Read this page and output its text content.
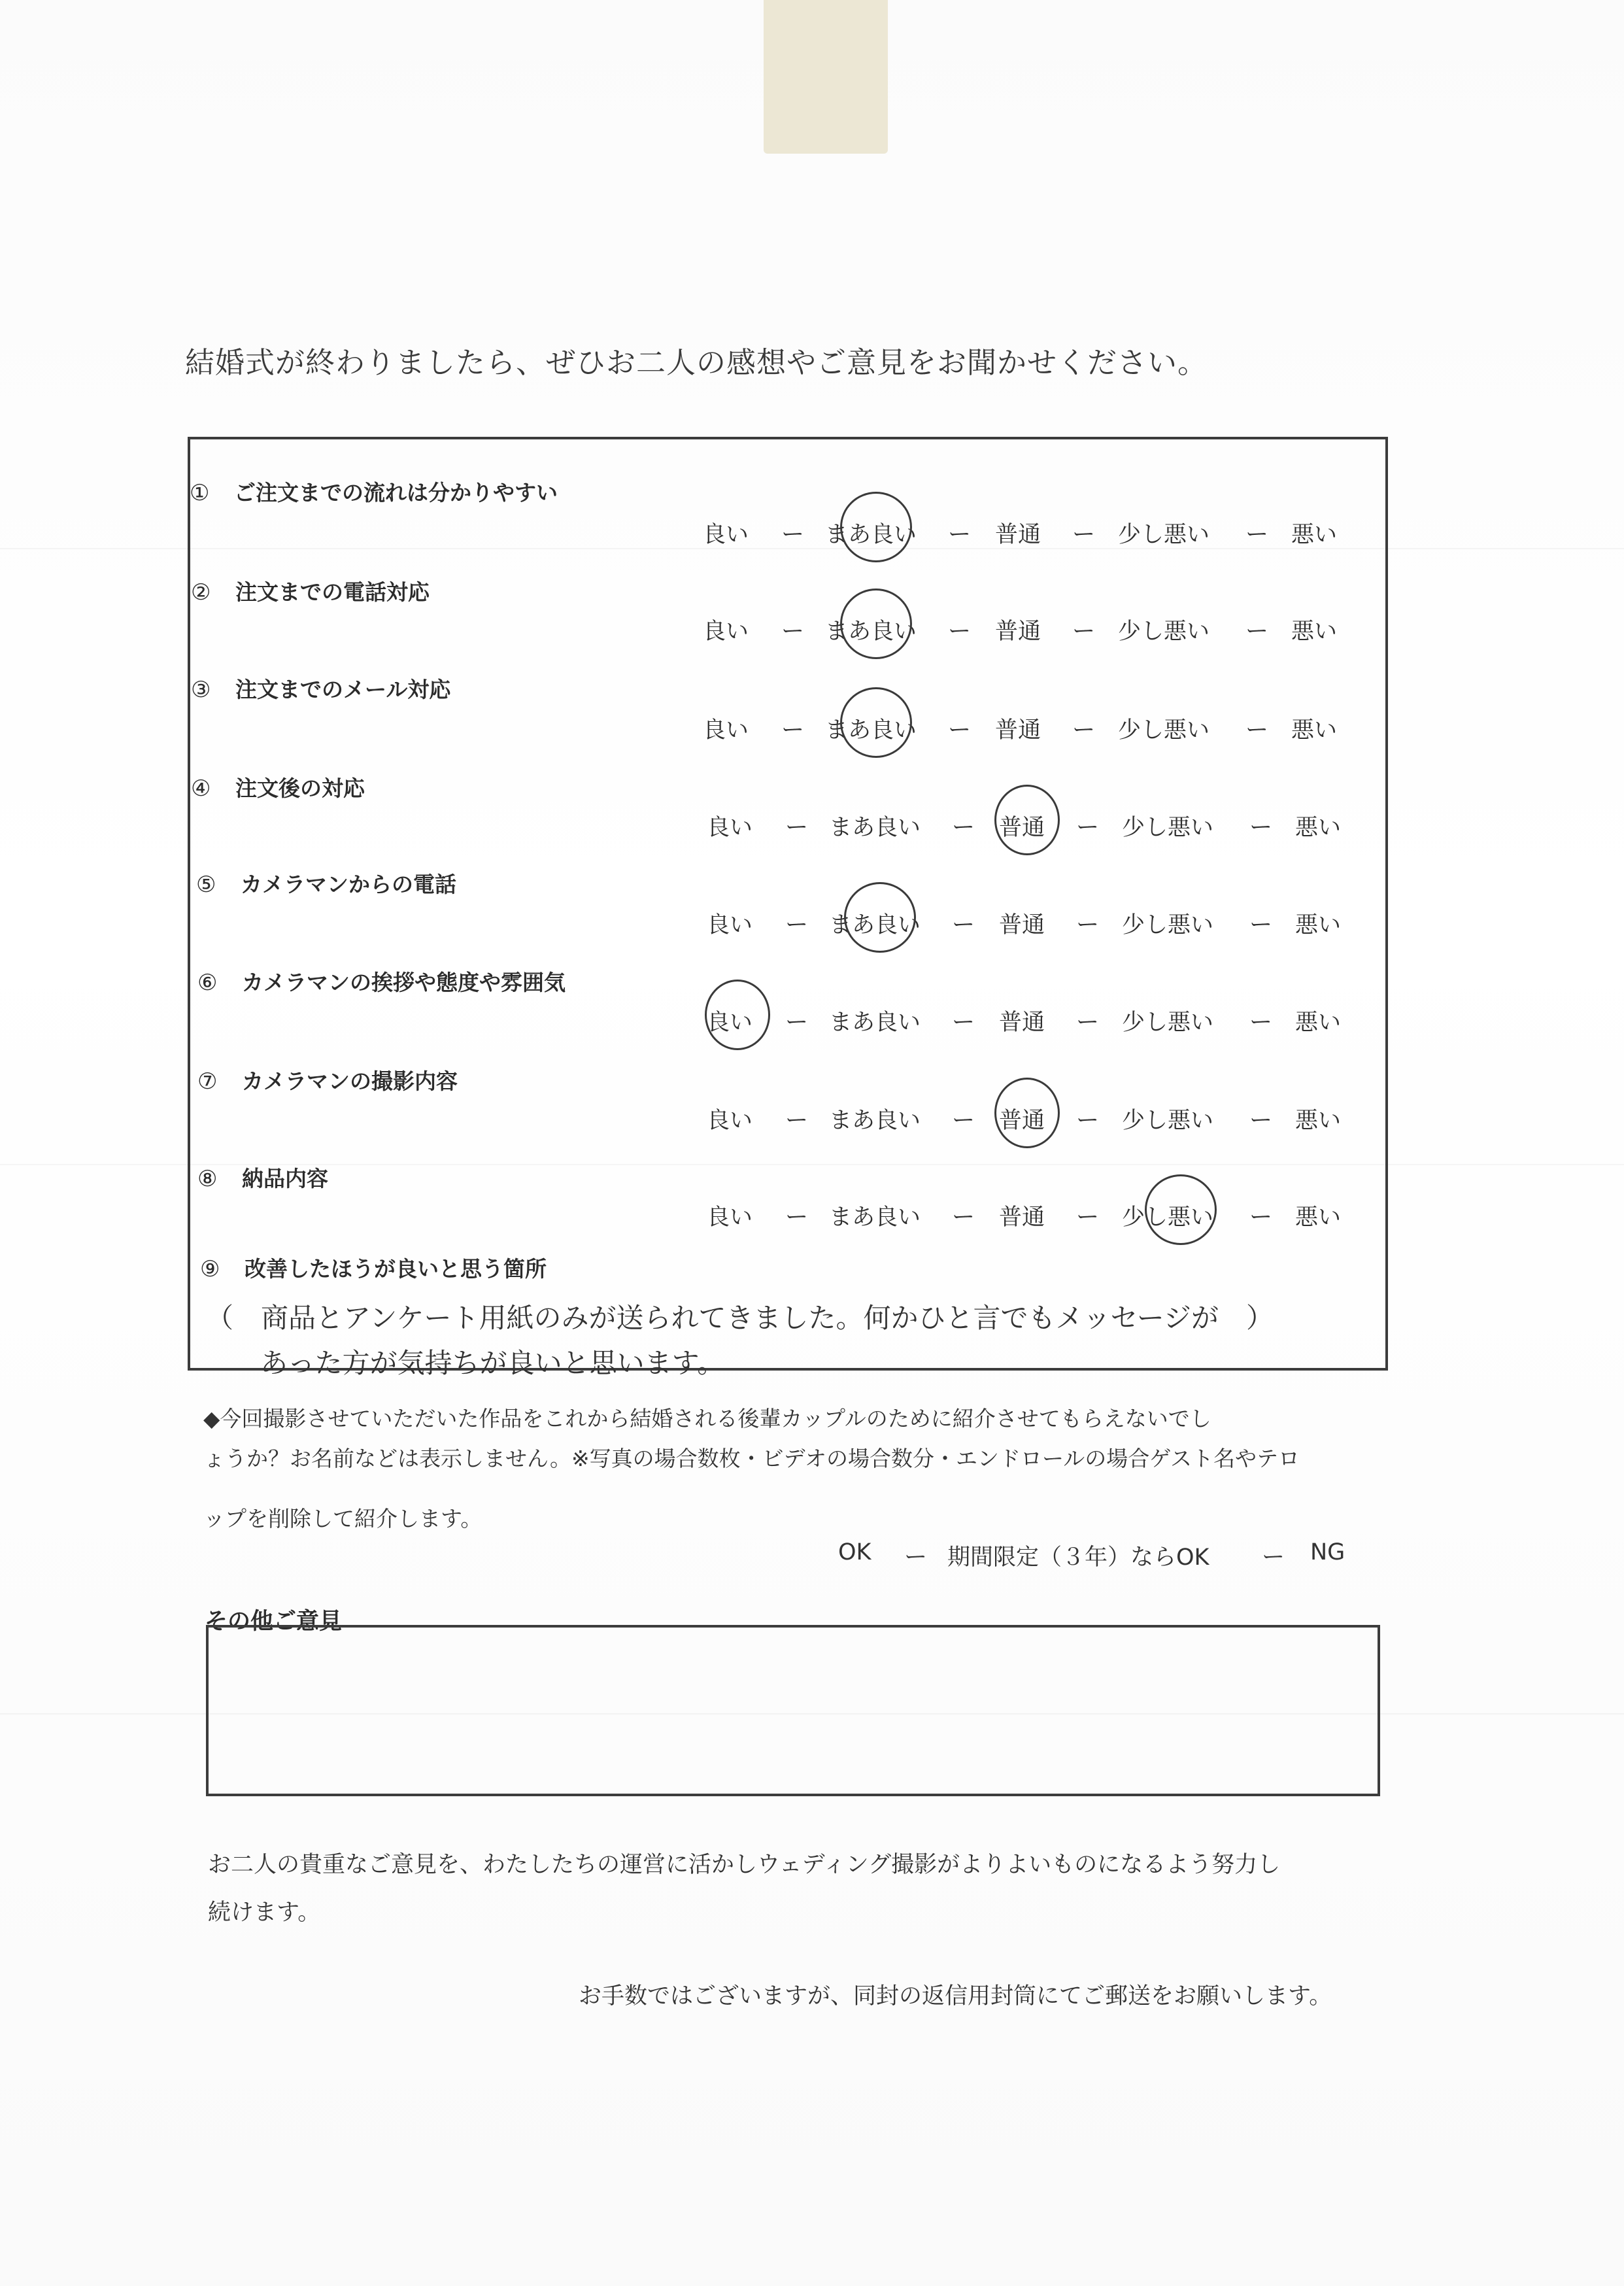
結婚式が終わりましたら、ぜひお二人の感想やご意見をお聞かせください。
① ご注文までの流れは分かりやすい
良い ー まあ良い ー 普通 ー 少し悪い ー 悪い
② 注文までの電話対応
良い ー まあ良い ー 普通 ー 少し悪い ー 悪い
③ 注文までのメール対応
良い ー まあ良い ー 普通 ー 少し悪い ー 悪い
④ 注文後の対応
良い ー まあ良い ー 普通 ー 少し悪い ー 悪い
⑤ カメラマンからの電話
良い ー まあ良い ー 普通 ー 少し悪い ー 悪い
⑥ カメラマンの挨拶や態度や雰囲気
良い ー まあ良い ー 普通 ー 少し悪い ー 悪い
⑦ カメラマンの撮影内容
良い ー まあ良い ー 普通 ー 少し悪い ー 悪い
⑧ 納品内容
良い ー まあ良い ー 普通 ー 少し悪い ー 悪い
⑨ 改善したほうが良いと思う箇所
（　商品とアンケート用紙のみが送られてきました。何かひと言でもメッセージが　）
あった方が気持ちが良いと思います。
◆今回撮影させていただいた作品をこれから結婚される後輩カップルのために紹介させてもらえないでし
ょうか？お名前などは表示しません。※写真の場合数枚・ビデオの場合数分・エンドロールの場合ゲスト名やテロ
ップを削除して紹介します。
OK ー 期間限定（３年）ならOK ー NG
その他ご意見
お二人の貴重なご意見を、わたしたちの運営に活かしウェディング撮影がよりよいものになるよう努力し
続けます。
お手数ではございますが、同封の返信用封筒にてご郵送をお願いします。
